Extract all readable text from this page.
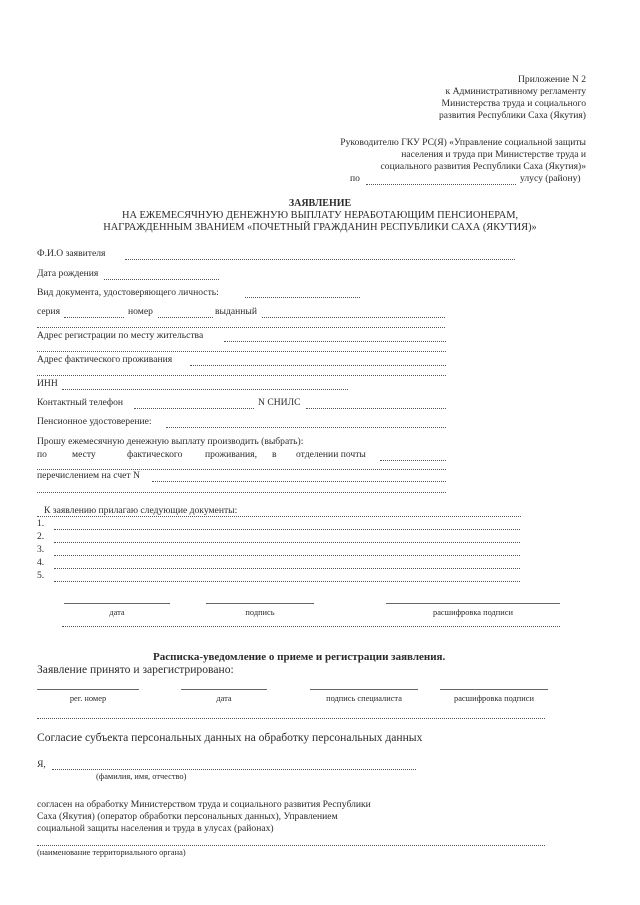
Приложение N 2
к Административному регламенту
Министерства труда и социального
развития Республики Саха (Якутия)
Руководителю ГКУ РС(Я) «Управление социальной защиты
населения и труда при Министерстве труда и
социального развития Республики Саха (Якутия)»
по	улусу (району)
ЗАЯВЛЕНИЕ
НА ЕЖЕМЕСЯЧНУЮ ДЕНЕЖНУЮ ВЫПЛАТУ НЕРАБОТАЮЩИМ ПЕНСИОНЕРАМ,
НАГРАЖДЕННЫМ ЗВАНИЕМ «ПОЧЕТНЫЙ ГРАЖДАНИН РЕСПУБЛИКИ САХА (ЯКУТИЯ)»
Ф.И.О заявителя
Дата рождения
Вид документа, удостоверяющего личность:
серия	номер	выданный
Адрес регистрации по месту жительства
Адрес фактического проживания
ИНН
Контактный телефон	N СНИЛС
Пенсионное удостоверение:
Прошу ежемесячную денежную выплату производить (выбрать):
по	месту	фактического проживания, в отделении почты
перечислением на счет N
К заявлению прилагаю следующие документы:
1.
2.
3.
4.
5.
дата	подпись	расшифровка подписи
Расписка-уведомление о приеме и регистрации заявления.
Заявление принято и зарегистрировано:
рег. номер	дата	подпись специалиста	расшифровка подписи
Согласие субъекта персональных данных на обработку персональных данных
Я,
(фамилия, имя, отчество)
согласен на обработку Министерством труда и социального развития Республики
Саха (Якутия) (оператор обработки персональных данных), Управлением
социальной защиты населения и труда в улусах (районах)
(наименование территориального органа)
